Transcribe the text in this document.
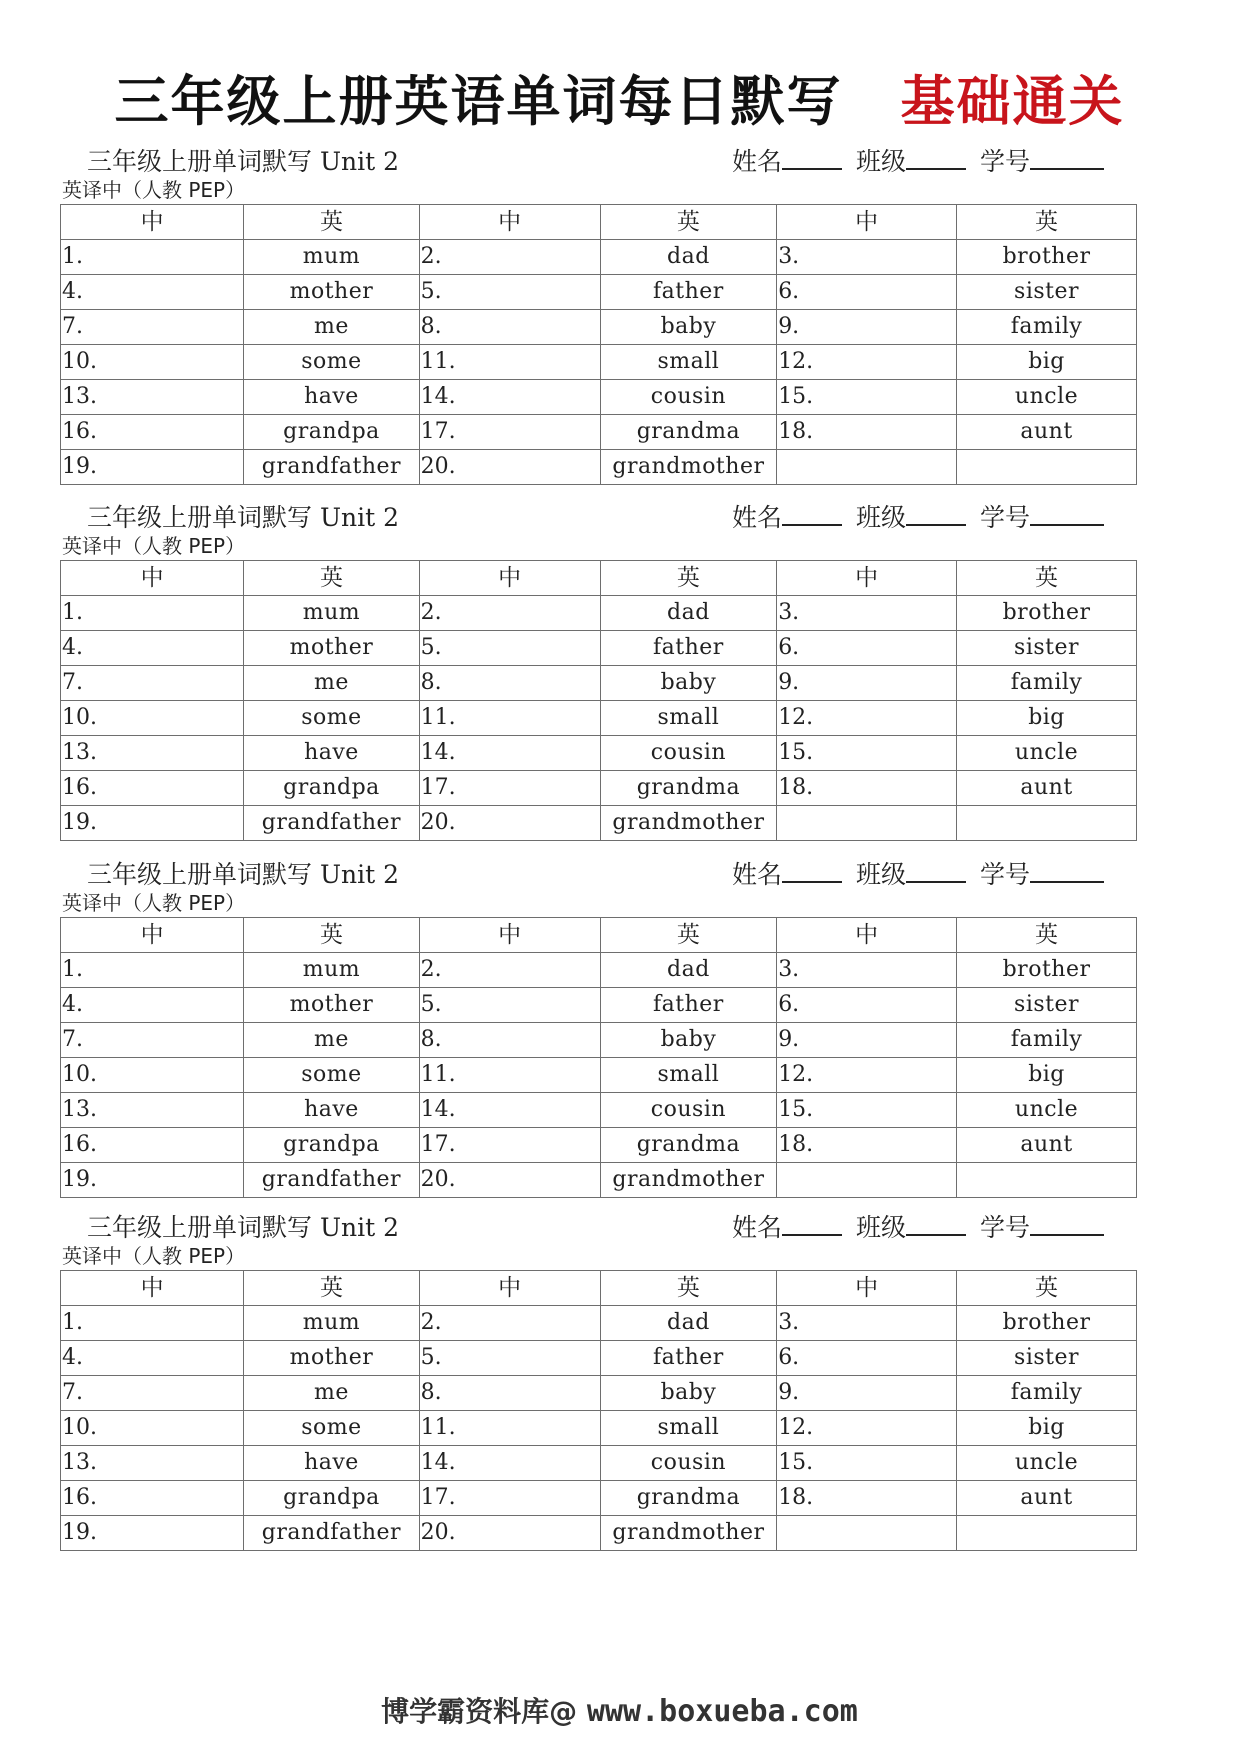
三年级上册英语单词每日默写 基础通关
三年级上册单词默写 Unit 2	姓名	班级	学号
英译中（人教 PEP）
中	英	中	英	中	英
1.	mum	2.	dad	3.	brother
4.	mother	5.	father	6.	sister
7.	me	8.	baby	9.	family
10.	some	11.	small	12.	big
13.	have	14.	cousin	15.	uncle
16.	grandpa	17.	grandma	18.	aunt
19.	grandfather	20.	grandmother		
三年级上册单词默写 Unit 2	姓名	班级	学号
英译中（人教 PEP）
中	英	中	英	中	英
1.	mum	2.	dad	3.	brother
4.	mother	5.	father	6.	sister
7.	me	8.	baby	9.	family
10.	some	11.	small	12.	big
13.	have	14.	cousin	15.	uncle
16.	grandpa	17.	grandma	18.	aunt
19.	grandfather	20.	grandmother		
三年级上册单词默写 Unit 2	姓名	班级	学号
英译中（人教 PEP）
中	英	中	英	中	英
1.	mum	2.	dad	3.	brother
4.	mother	5.	father	6.	sister
7.	me	8.	baby	9.	family
10.	some	11.	small	12.	big
13.	have	14.	cousin	15.	uncle
16.	grandpa	17.	grandma	18.	aunt
19.	grandfather	20.	grandmother		
三年级上册单词默写 Unit 2	姓名	班级	学号
英译中（人教 PEP）
中	英	中	英	中	英
1.	mum	2.	dad	3.	brother
4.	mother	5.	father	6.	sister
7.	me	8.	baby	9.	family
10.	some	11.	small	12.	big
13.	have	14.	cousin	15.	uncle
16.	grandpa	17.	grandma	18.	aunt
19.	grandfather	20.	grandmother		
博学霸资料库@ www.boxueba.com
